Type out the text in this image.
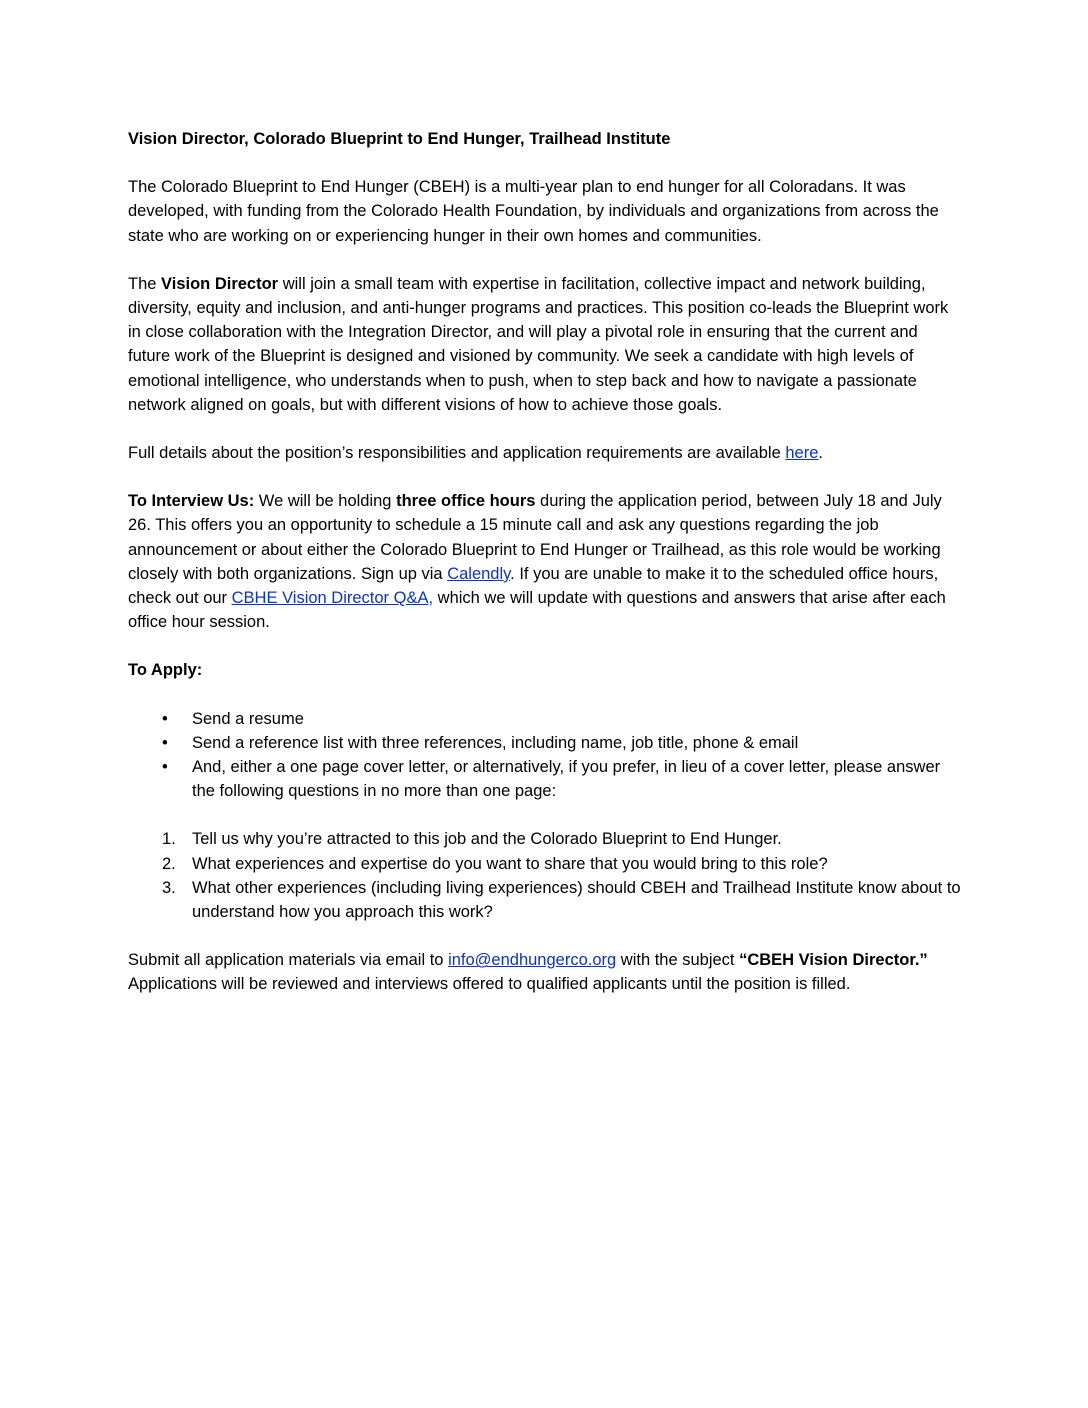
Vision Director, Colorado Blueprint to End Hunger, Trailhead Institute

The Colorado Blueprint to End Hunger (CBEH) is a multi-year plan to end hunger for all Coloradans. It was developed, with funding from the Colorado Health Foundation, by individuals and organizations from across the state who are working on or experiencing hunger in their own homes and communities.

The Vision Director will join a small team with expertise in facilitation, collective impact and network building, diversity, equity and inclusion, and anti-hunger programs and practices. This position co-leads the Blueprint work in close collaboration with the Integration Director, and will play a pivotal role in ensuring that the current and future work of the Blueprint is designed and visioned by community. We seek a candidate with high levels of emotional intelligence, who understands when to push, when to step back and how to navigate a passionate network aligned on goals, but with different visions of how to achieve those goals.

Full details about the position’s responsibilities and application requirements are available here.

To Interview Us: We will be holding three office hours during the application period, between July 18 and July 26. This offers you an opportunity to schedule a 15 minute call and ask any questions regarding the job announcement or about either the Colorado Blueprint to End Hunger or Trailhead, as this role would be working closely with both organizations. Sign up via Calendly. If you are unable to make it to the scheduled office hours, check out our CBHE Vision Director Q&A, which we will update with questions and answers that arise after each office hour session.

To Apply:
• Send a resume
• Send a reference list with three references, including name, job title, phone & email
• And, either a one page cover letter, or alternatively, if you prefer, in lieu of a cover letter, please answer the following questions in no more than one page:
1. Tell us why you’re attracted to this job and the Colorado Blueprint to End Hunger.
2. What experiences and expertise do you want to share that you would bring to this role?
3. What other experiences (including living experiences) should CBEH and Trailhead Institute know about to understand how you approach this work?

Submit all application materials via email to info@endhungerco.org with the subject “CBEH Vision Director.” Applications will be reviewed and interviews offered to qualified applicants until the position is filled.
